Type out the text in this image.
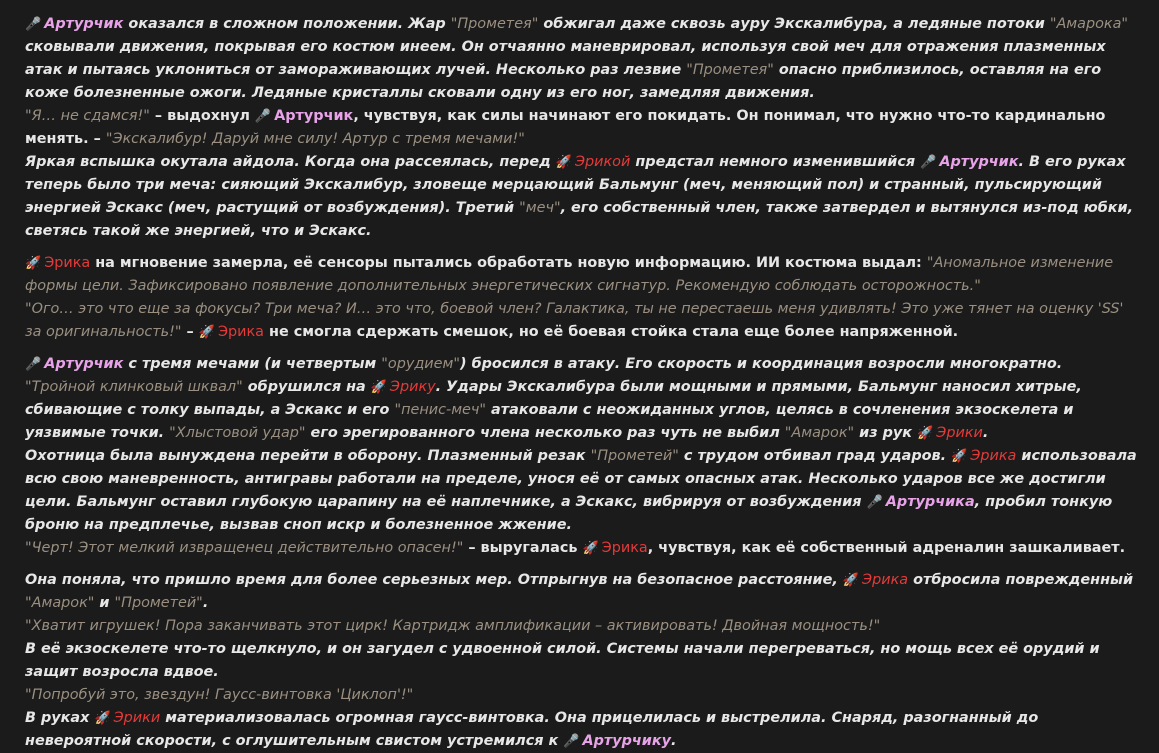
🎤 Артурчик оказался в сложном положении. Жар "Прометея" обжигал даже сквозь ауру Экскалибура, а ледяные потоки "Амарока" сковывали движения, покрывая его костюм инеем. Он отчаянно маневрировал, используя свой меч для отражения плазменных атак и пытаясь уклониться от замораживающих лучей. Несколько раз лезвие "Прометея" опасно приблизилось, оставляя на его коже болезненные ожоги. Ледяные кристаллы сковали одну из его ног, замедляя движения.
"Я… не сдамся!" – выдохнул 🎤 Артурчик, чувствуя, как силы начинают его покидать. Он понимал, что нужно что-то кардинально менять. – "Экскалибур! Даруй мне силу! Артур с тремя мечами!"
Яркая вспышка окутала айдола. Когда она рассеялась, перед 🚀 Эрикой предстал немного изменившийся 🎤 Артурчик. В его руках теперь было три меча: сияющий Экскалибур, зловеще мерцающий Бальмунг (меч, меняющий пол) и странный, пульсирующий энергией Эскакс (меч, растущий от возбуждения). Третий "меч", его собственный член, также затвердел и вытянулся из-под юбки, светясь такой же энергией, что и Эскакс.
🚀 Эрика на мгновение замерла, её сенсоры пытались обработать новую информацию. ИИ костюма выдал: "Аномальное изменение формы цели. Зафиксировано появление дополнительных энергетических сигнатур. Рекомендую соблюдать осторожность."
"Ого… это что еще за фокусы? Три меча? И… это что, боевой член? Галактика, ты не перестаешь меня удивлять! Это уже тянет на оценку 'SS' за оригинальность!" – 🚀 Эрика не смогла сдержать смешок, но её боевая стойка стала еще более напряженной.
🎤 Артурчик с тремя мечами (и четвертым "орудием") бросился в атаку. Его скорость и координация возросли многократно. "Тройной клинковый шквал" обрушился на 🚀 Эрику. Удары Экскалибура были мощными и прямыми, Бальмунг наносил хитрые, сбивающие с толку выпады, а Эскакс и его "пенис-меч" атаковали с неожиданных углов, целясь в сочленения экзоскелета и уязвимые точки. "Хлыстовой удар" его эрегированного члена несколько раз чуть не выбил "Амарок" из рук 🚀 Эрики.
Охотница была вынуждена перейти в оборону. Плазменный резак "Прометей" с трудом отбивал град ударов. 🚀 Эрика использовала всю свою маневренность, антигравы работали на пределе, унося её от самых опасных атак. Несколько ударов все же достигли цели. Бальмунг оставил глубокую царапину на её наплечнике, а Эскакс, вибрируя от возбуждения 🎤 Артурчика, пробил тонкую броню на предплечье, вызвав сноп искр и болезненное жжение.
"Черт! Этот мелкий извращенец действительно опасен!" – выругалась 🚀 Эрика, чувствуя, как её собственный адреналин зашкаливает.
Она поняла, что пришло время для более серьезных мер. Отпрыгнув на безопасное расстояние, 🚀 Эрика отбросила поврежденный "Амарок" и "Прометей".
"Хватит игрушек! Пора заканчивать этот цирк! Картридж амплификации – активировать! Двойная мощность!"
В её экзоскелете что-то щелкнуло, и он загудел с удвоенной силой. Системы начали перегреваться, но мощь всех её орудий и защит возросла вдвое.
"Попробуй это, звездун! Гаусс-винтовка 'Циклоп'!"
В руках 🚀 Эрики материализовалась огромная гаусс-винтовка. Она прицелилась и выстрелила. Снаряд, разогнанный до невероятной скорости, с оглушительным свистом устремился к 🎤 Артурчику.
